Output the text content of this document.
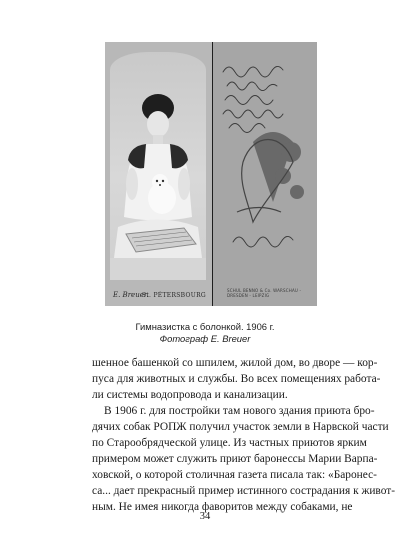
E. Breuer.
St. PÉTERSBOURG
SCHUL BENNO & Co. WARSCHAU - DRESDEN - LEIPZIG
Гимназистка с болонкой. 1906 г.
Фотограф Е. Breuer
шенное башенкой со шпилем, жилой дом, во дворе — кор-
пуса для животных и службы. Во всех помещениях работа-
ли системы водопровода и канализации.
В 1906 г. для постройки там нового здания приюта бро-
дячих собак РОПЖ получил участок земли в Нарвской части
по Старообрядческой улице. Из частных приютов ярким
примером может служить приют баронессы Марии Варпа-
ховской, о которой столичная газета писала так: «Баронес-
са... дает прекрасный пример истинного сострадания к живот-
ным. Не имея никогда фаворитов между собаками, не
34
